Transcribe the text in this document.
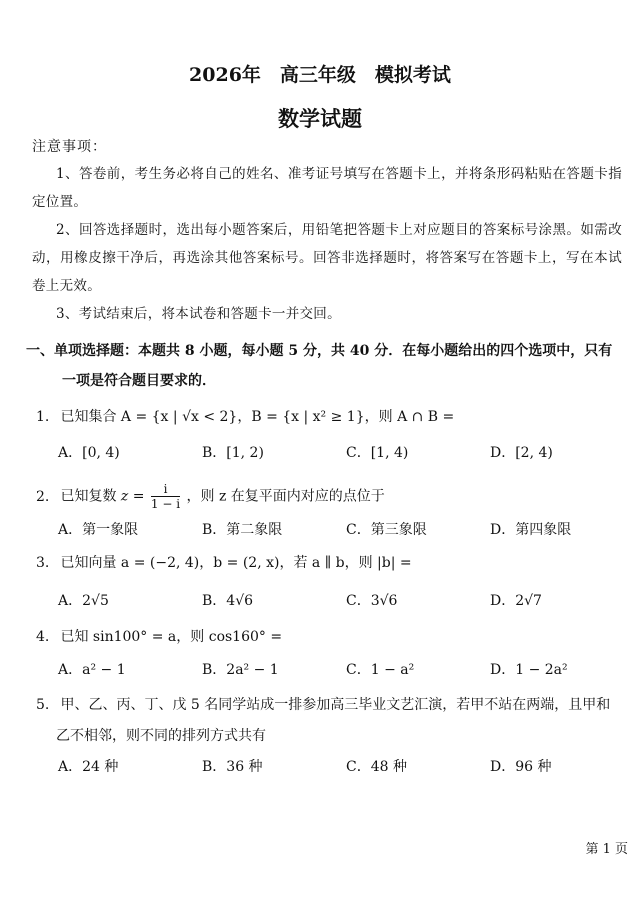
2026年　高三年级　模拟考试
数学试题
注意事项：
1、答卷前，考生务必将自己的姓名、准考证号填写在答题卡上，并将条形码粘贴在答题卡指定位置。
2、回答选择题时，选出每小题答案后，用铅笔把答题卡上对应题目的答案标号涂黑。如需改动，用橡皮擦干净后，再选涂其他答案标号。回答非选择题时，将答案写在答题卡上，写在本试卷上无效。
3、考试结束后，将本试卷和答题卡一并交回。
一、单项选择题：本题共 8 小题，每小题 5 分，共 40 分．在每小题给出的四个选项中，只有
一项是符合题目要求的．
1. 已知集合 A = {x | √x < 2}，B = {x | x² ≥ 1}，则 A ∩ B =
A．[0, 4)	B．[1, 2)	C．[1, 4)	D．[2, 4)
2. 已知复数 $z = \frac{i}{1 - i}$ ，则 z 在复平面内对应的点位于
A．第一象限	B．第二象限	C．第三象限	D．第四象限
3. 已知向量 a = (−2, 4)，b = (2, x)，若 a ∥ b，则 |b| =
A．2√5	B．4√6	C．3√6	D．2√7
4. 已知 sin100° = a，则 cos160° =
A．a² − 1	B．2a² − 1	C．1 − a²	D．1 − 2a²
5. 甲、乙、丙、丁、戊 5 名同学站成一排参加高三毕业文艺汇演，若甲不站在两端，且甲和
乙不相邻，则不同的排列方式共有
A．24 种	B．36 种	C．48 种	D．96 种
第 1 页
